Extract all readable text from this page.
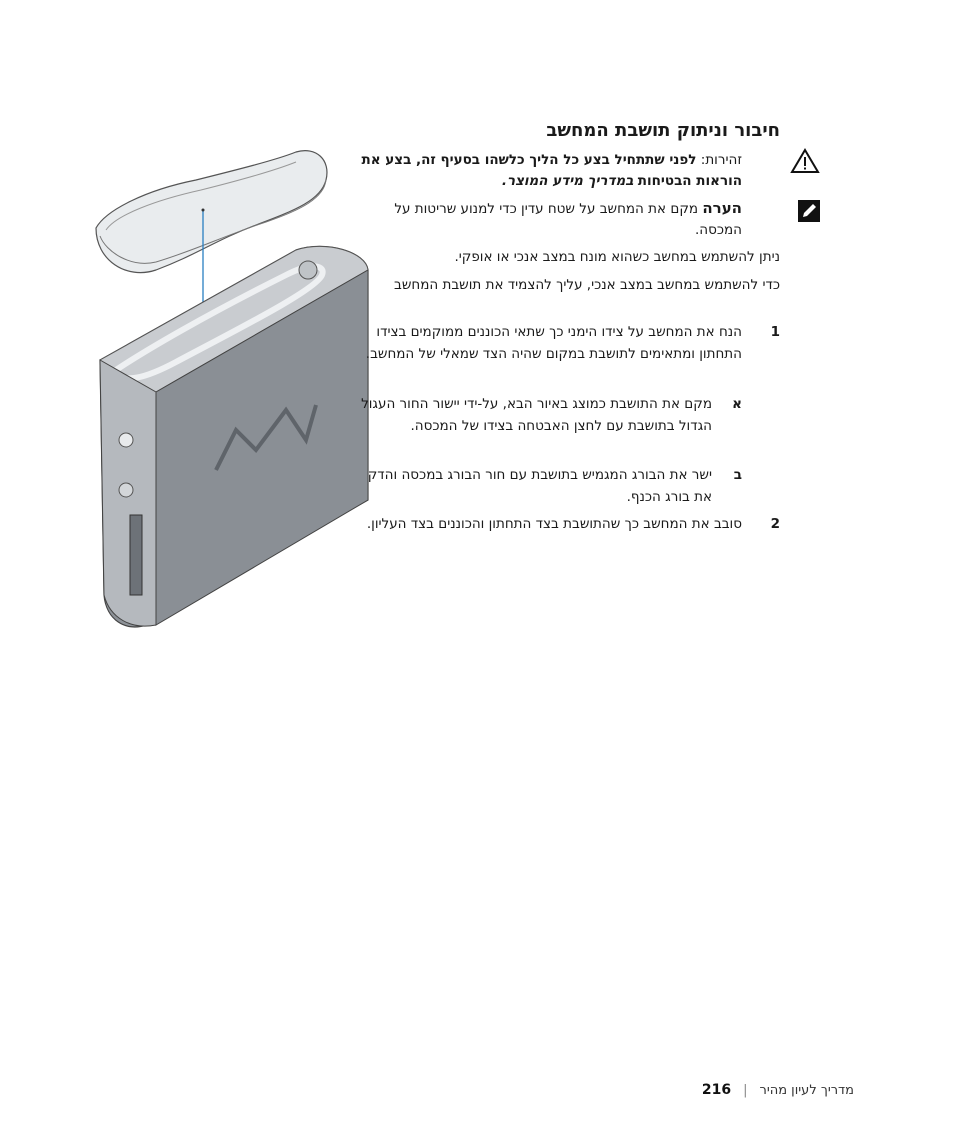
חיבור וניתוק תושבת המחשב
זהירות: לפני שתתחיל בצע כל הליך כלשהו בסעיף זה, בצע את הוראות הבטיחות במדריך מידע המוצר.
הערה מקם את המחשב על שטח עדין כדי למנוע שריטות על המכסה.
ניתן להשתמש במחשב כשהוא מונח במצב אנכי או אופקי.
כדי להשתמש במחשב במצב אנכי, עליך להצמיד את תושבת המחשב
1
הנח את המחשב על צידו הימני כך שתאי הכוננים ממוקמים בצידו התחתון ומתאימים לתושבת במקום שהיה הצד שמאלי של המחשב.
א
מקם את התושבת כמוצג באיור הבא, על-ידי יישור החור העגול הגדול בתושבת עם לחצן האבטחה בצידו של המכסה.
ב
ישר את הבורג המגמיש בתושבת עם חור הבורג במכסה והדק את בורג הכנף.
2
סובב את המחשב כך שהתושבת בצד התחתון והכוננים בצד העליון.
מדריך לעיון מהיר
|
216
